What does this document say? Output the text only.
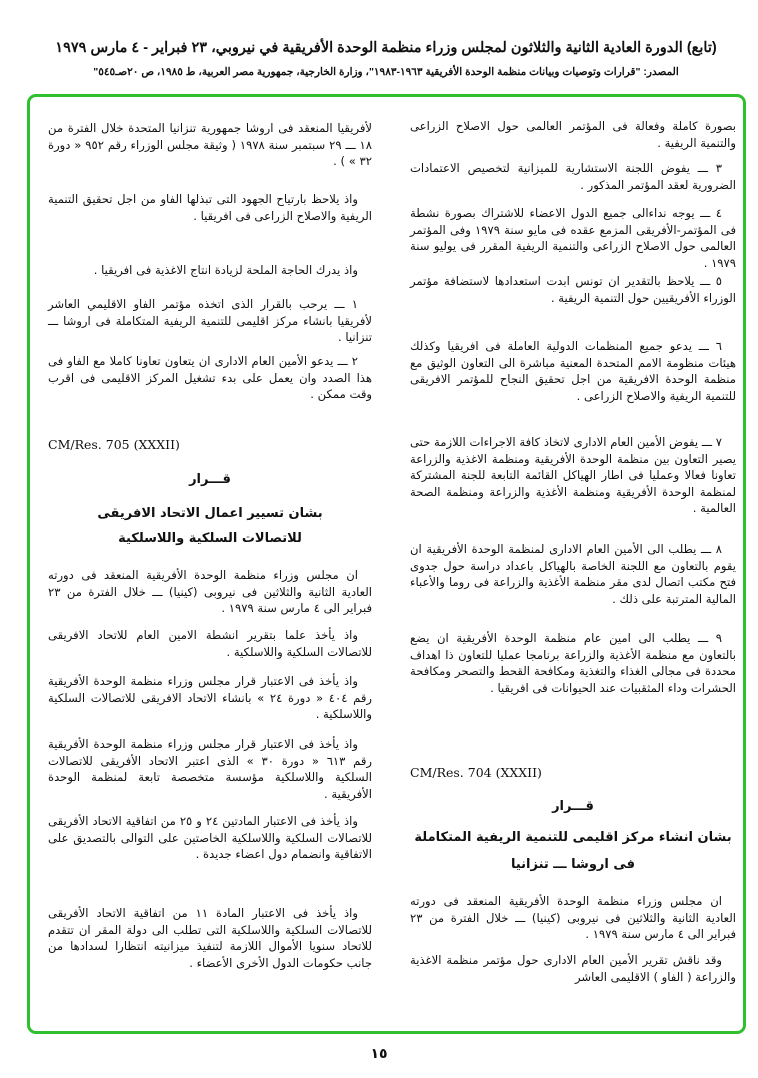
(تابع) الدورة العادية الثانية والثلاثون لمجلس وزراء منظمة الوحدة الأفريقية في نيروبي، ٢٣ فبراير - ٤ مارس ١٩٧٩
المصدر: "قرارات وتوصيات وبيانات منظمة الوحدة الأفريقية ١٩٦٣-١٩٨٣"، وزارة الخارجية، جمهورية مصر العربية، ط ١٩٨٥، ص ٢٠صـ٥٤٥"

بصورة كاملة وفعالة فى المؤتمر العالمى حول الاصلاح الزراعى والتنمية الريفية .

٣ ـــ يفوض اللجنة الاستشارية للميزانية لتخصيص الاعتمادات الضرورية لعقد المؤتمر المذكور .

٤ ـــ يوجه نداءالى جميع الدول الاعضاء للاشتراك بصورة نشطة فى المؤتمر-الأفريقى المزمع عقده فى مايو سنة ١٩٧٩ وفى المؤتمر العالمى حول الاصلاح الزراعى والتنمية الريفية المقرر فى يوليو سنة ١٩٧٩ .

٥ ـــ يلاحظ بالتقدير ان تونس ابدت استعدادها لاستضافة مؤتمر الوزراء الأفريقيين حول التنمية الريفية .

٦ ـــ يدعو جميع المنظمات الدولية العاملة فى افريقيا وكذلك هيئات منظومة الامم المتحدة المعنية مباشرة الى التعاون الوثيق مع منظمة الوحدة الافريقية من اجل تحقيق النجاح للمؤتمر الافريقى للتنمية الريفية والاصلاح الزراعى .

٧ ـــ يفوض الأمين العام الادارى لاتخاذ كافة الاجراءات اللازمة حتى يصير التعاون بين منظمة الوحدة الأفريقية ومنظمة الاغذية والزراعة تعاونا فعالا وعمليا فى اطار الهياكل القائمة التابعة للجنة المشتركة لمنظمة الوحدة الأفريقية ومنظمة الأغذية والزراعة ومنظمة الصحة العالمية .

٨ ـــ يطلب الى الأمين العام الادارى لمنظمة الوحدة الأفريقية ان يقوم بالتعاون مع اللجنة الخاصة بالهياكل باعداد دراسة حول جدوى فتح مكتب اتصال لدى مقر منظمة الأغذية والزراعة فى روما والأعباء المالية المترتبة على ذلك .

٩ ـــ يطلب الى امين عام منظمة الوحدة الأفريقية ان يضع بالتعاون مع منظمة الأغذية والزراعة برنامجا عمليا للتعاون ذا اهداف محددة فى مجالى الغذاء والتغذية ومكافحة القحط والتصحر ومكافحة الحشرات وداء المثقبيات عند الحيوانات فى افريقيا .

CM/Res. 704 (XXXII)
قـــرار
بشان انشاء مركز اقليمى للتنمية الريفية المتكاملة
فى اروشا ـــ تنزانيا

ان مجلس وزراء منظمة الوحدة الأفريقية المنعقد فى دورته العادية الثانية والثلاثين فى نيروبى (كينيا) ـــ خلال الفترة من ٢٣ فبراير الى ٤ مارس سنة ١٩٧٩ .

وقد ناقش تقرير الأمين العام الادارى حول مؤتمر منظمة الاغذية والزراعة ( الفاو ) الاقليمى العاشر

لأفريقيا المنعقد فى اروشا جمهورية تنزانيا المتحدة خلال الفترة من ١٨ ـــ ٢٩ سبتمبر سنة ١٩٧٨ ( وثيقة مجلس الوزراء رقم ٩٥٢ « دورة ٣٢ » ) .

واذ يلاحظ بارتياح الجهود التى تبذلها الفاو من اجل تحقيق التنمية الريفية والاصلاح الزراعى فى افريقيا .

واذ يدرك الحاجة الملحة لزيادة انتاج الاغذية فى افريقيا .

١ ـــ يرحب بالقرار الذى اتخذه مؤتمر الفاو الاقليمي العاشر لأفريقيا بانشاء مركز اقليمى للتنمية الريفية المتكاملة فى اروشا ـــ تنزانيا .

٢ ـــ يدعو الأمين العام الادارى ان يتعاون تعاونا كاملا مع الفاو فى هذا الصدد وان يعمل على بدء تشغيل المركز الاقليمى فى اقرب وقت ممكن .

CM/Res. 705 (XXXII)
قـــرار
بشان تسيير اعمال الاتحاد الافريقى
للاتصالات السلكية واللاسلكية

ان مجلس وزراء منظمة الوحدة الأفريقية المنعقد فى دورته العادية الثانية والثلاثين فى نيروبى (كينيا) ـــ خلال الفترة من ٢٣ فبراير الى ٤ مارس سنة ١٩٧٩ .

واذ يأخذ علما بتقرير انشطة الامين العام للاتحاد الافريقى للاتصالات السلكية واللاسلكية .

واذ يأخذ فى الاعتبار قرار مجلس وزراء منظمة الوحدة الأفريقية رقم ٤٠٤ « دورة ٢٤ » بانشاء الاتحاد الافريقى للاتصالات السلكية واللاسلكية .

واذ يأخذ فى الاعتبار قرار مجلس وزراء منظمة الوحدة الأفريقية رقم ٦١٣ « دورة ٣٠ » الذى اعتبر الاتحاد الأفريقى للاتصالات السلكية واللاسلكية مؤسسة متخصصة تابعة لمنظمة الوحدة الأفريقية .

واذ يأخذ فى الاعتبار المادتين ٢٤ و ٢٥ من اتفاقية الاتحاد الأفريقى للاتصالات السلكية واللاسلكية الخاصتين على التوالى بالتصديق على الاتفاقية وانضمام دول اعضاء جديدة .

واذ يأخذ فى الاعتبار المادة ١١ من اتفاقية الاتحاد الأفريقى للاتصالات السلكية واللاسلكية التى تطلب الى دولة المقر ان تتقدم للاتحاد سنويا الأموال اللازمة لتنفيذ ميزانيته انتظارا لسدادها من جانب حكومات الدول الأخرى الأعضاء .

١٥
